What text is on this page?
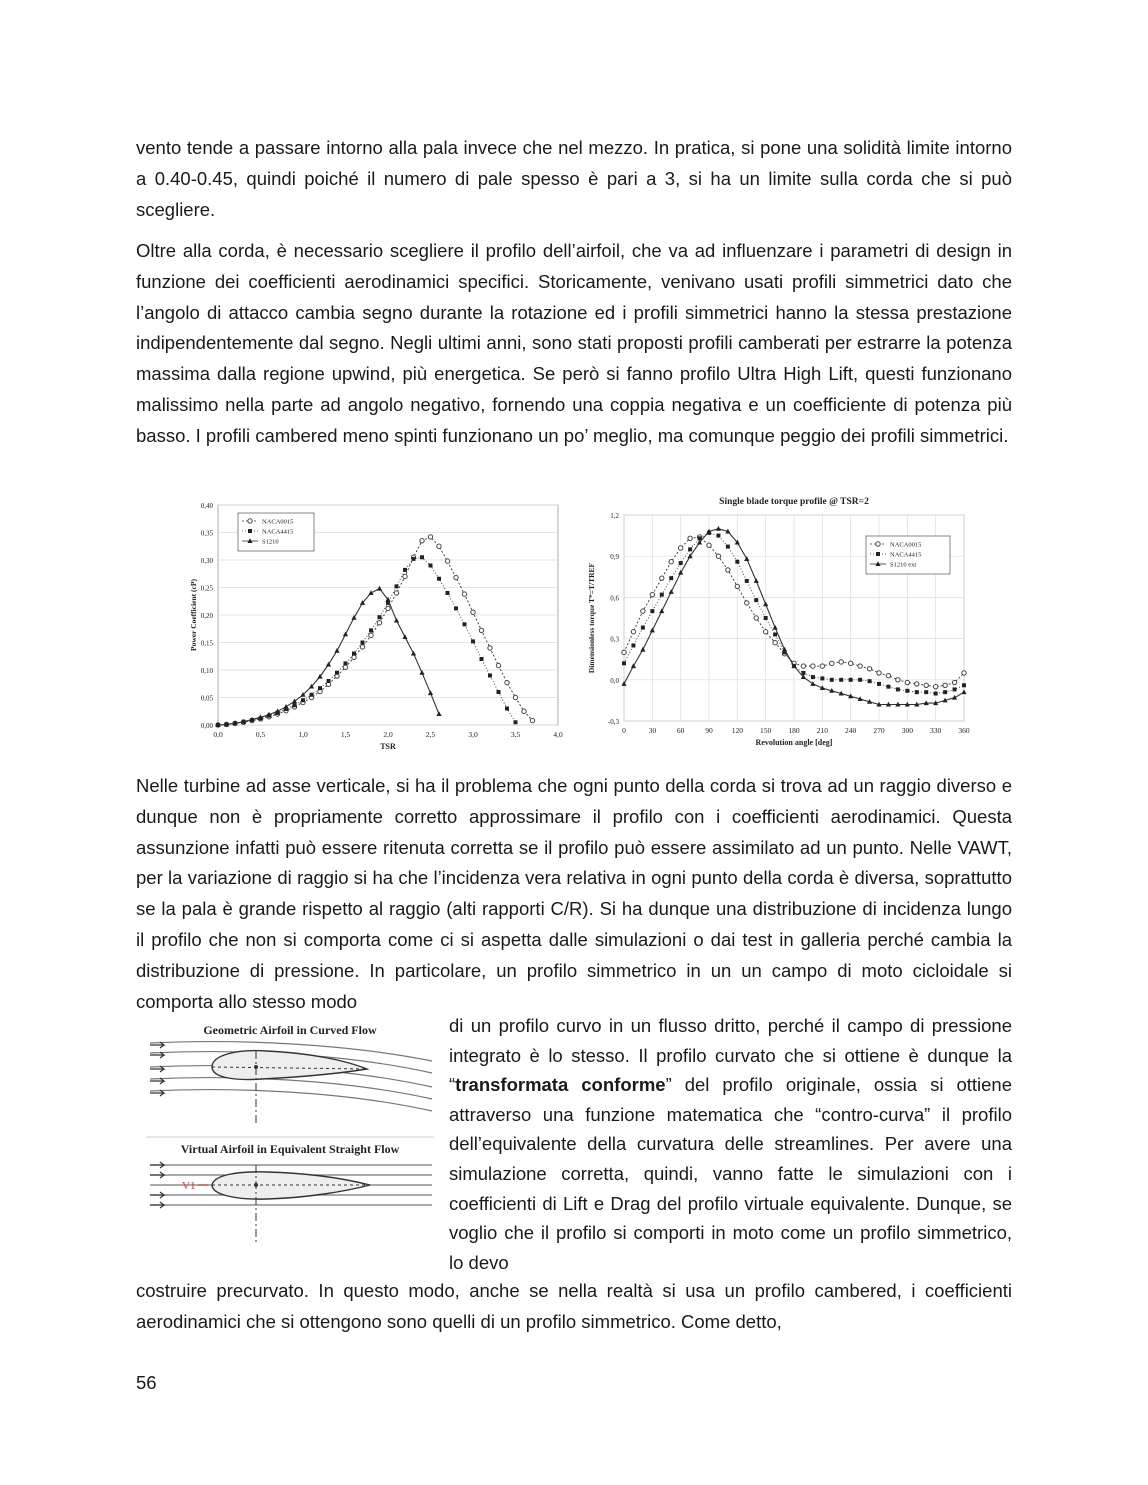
vento tende a passare intorno alla pala invece che nel mezzo. In pratica, si pone una solidità limite intorno a 0.40-0.45, quindi poiché il numero di pale spesso è pari a 3, si ha un limite sulla corda che si può scegliere.

Oltre alla corda, è necessario scegliere il profilo dell’airfoil, che va ad influenzare i parametri di design in funzione dei coefficienti aerodinamici specifici. Storicamente, venivano usati profili simmetrici dato che l’angolo di attacco cambia segno durante la rotazione ed i profili simmetrici hanno la stessa prestazione indipendentemente dal segno. Negli ultimi anni, sono stati proposti profili camberati per estrarre la potenza massima dalla regione upwind, più energetica. Se però si fanno profilo Ultra High Lift, questi funzionano malissimo nella parte ad angolo negativo, fornendo una coppia negativa e un coefficiente di potenza più basso. I profili cambered meno spinti funzionano un po’ meglio, ma comunque peggio dei profili simmetrici.

0,00
0,05
0,10
0,15
0,20
0,25
0,30
0,35
0,40
0,0	0,5	1,0	1,5	2,0	2,5	3,0	3,5	4,0
TSR
Power Coefficient (cP)
NACA0015
NACA4415
S1210
-0,3
0,0
0,3
0,6
0,9
1,2
0	30	60	90	120 150 180 210 240 270 300 330 360
Revolution angle [deg]
Dimensionless torque T*=T/TREF
Single blade torque profile @ TSR=2
NACA0015
NACA4415
S1210 ext

Nelle turbine ad asse verticale, si ha il problema che ogni punto della corda si trova ad un raggio diverso e dunque non è propriamente corretto approssimare il profilo con i coefficienti aerodinamici. Questa assunzione infatti può essere ritenuta corretta se il profilo può essere assimilato ad un punto. Nelle VAWT, per la variazione di raggio si ha che l’incidenza vera relativa in ogni punto della corda è diversa, soprattutto se la pala è grande rispetto al raggio (alti rapporti C/R). Si ha dunque una distribuzione di incidenza lungo il profilo che non si comporta come ci si aspetta dalle simulazioni o dai test in galleria perché cambia la distribuzione di pressione. In particolare, un profilo simmetrico in un un campo di moto cicloidale si comporta allo stesso modo

Geometric Airfoil in Curved Flow
Virtual Airfoil in Equivalent Straight Flow
V1

di un profilo curvo in un flusso dritto, perché il campo di pressione integrato è lo stesso. Il profilo curvato che si ottiene è dunque la “transformata conforme” del profilo originale, ossia si ottiene attraverso una funzione matematica che “contro-curva” il profilo dell’equivalente della curvatura delle streamlines. Per avere una simulazione corretta, quindi, vanno fatte le simulazioni con i coefficienti di Lift e Drag del profilo virtuale equivalente. Dunque, se voglio che il profilo si comporti in moto come un profilo simmetrico, lo devo

costruire precurvato. In questo modo, anche se nella realtà si usa un profilo cambered, i coefficienti aerodinamici che si ottengono sono quelli di un profilo simmetrico. Come detto,

56
